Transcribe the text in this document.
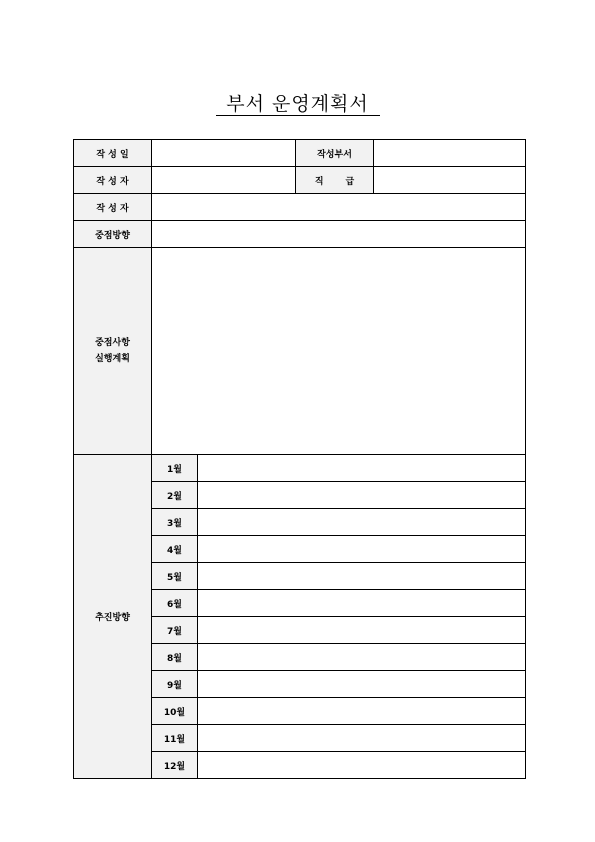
부서 운영계획서
작 성 일			작성부서	
작 성 자			직       급	
작 성 자				
중점방향				

중점사항
실행계획				

추진방향	1월			
	2월			
	3월			
	4월			
	5월			
	6월			
	7월			
	8월			
	9월			
	10월			
	11월			
	12월			
